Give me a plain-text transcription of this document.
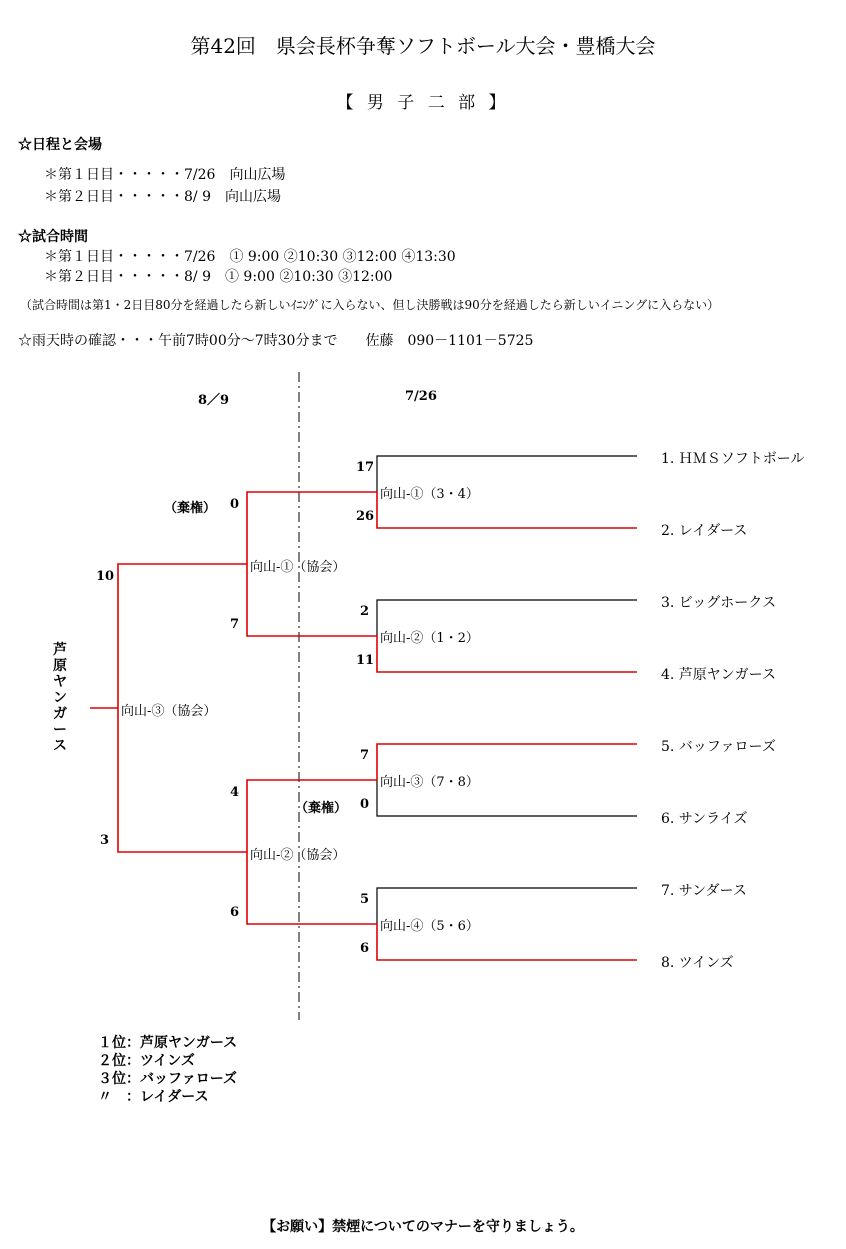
第42回　県会長杯争奪ソフトボール大会・豊橋大会
【 男 子 二 部 】
☆日程と会場
＊第１日目・・・・・7/26　向山広場
＊第２日目・・・・・8/ 9　向山広場
☆試合時間
＊第１日目・・・・・7/26　① 9:00 ②10:30 ③12:00 ④13:30
＊第２日目・・・・・8/ 9　① 9:00 ②10:30 ③12:00
（試合時間は第1・2日目80分を経過したら新しいｲﾆﾝｸﾞに入らない、但し決勝戦は90分を経過したら新しいイニングに入らない）
☆雨天時の確認・・・午前7時00分～7時30分まで　　佐藤　090－1101－5725
8／9	7/26
1. ＨＭＳソフトボール
2. レイダース
3. ビッグホークス
4. 芦原ヤンガース
5. バッファローズ
6. サンライズ
7. サンダース
8. ツインズ
向山-①（3・4）
17
26
向山-②（1・2）
2
11
向山-③（7・8）
7
0
（棄権）
向山-④（5・6）
5
6
向山-①（協会）
0
7
（棄権）
向山-②（協会）
4
6
向山-③（協会）
10
3
芦原ヤンガース
１位：芦原ヤンガース
２位：ツインズ
３位：バッファローズ
〃　：レイダース
【お願い】禁煙についてのマナーを守りましょう。
